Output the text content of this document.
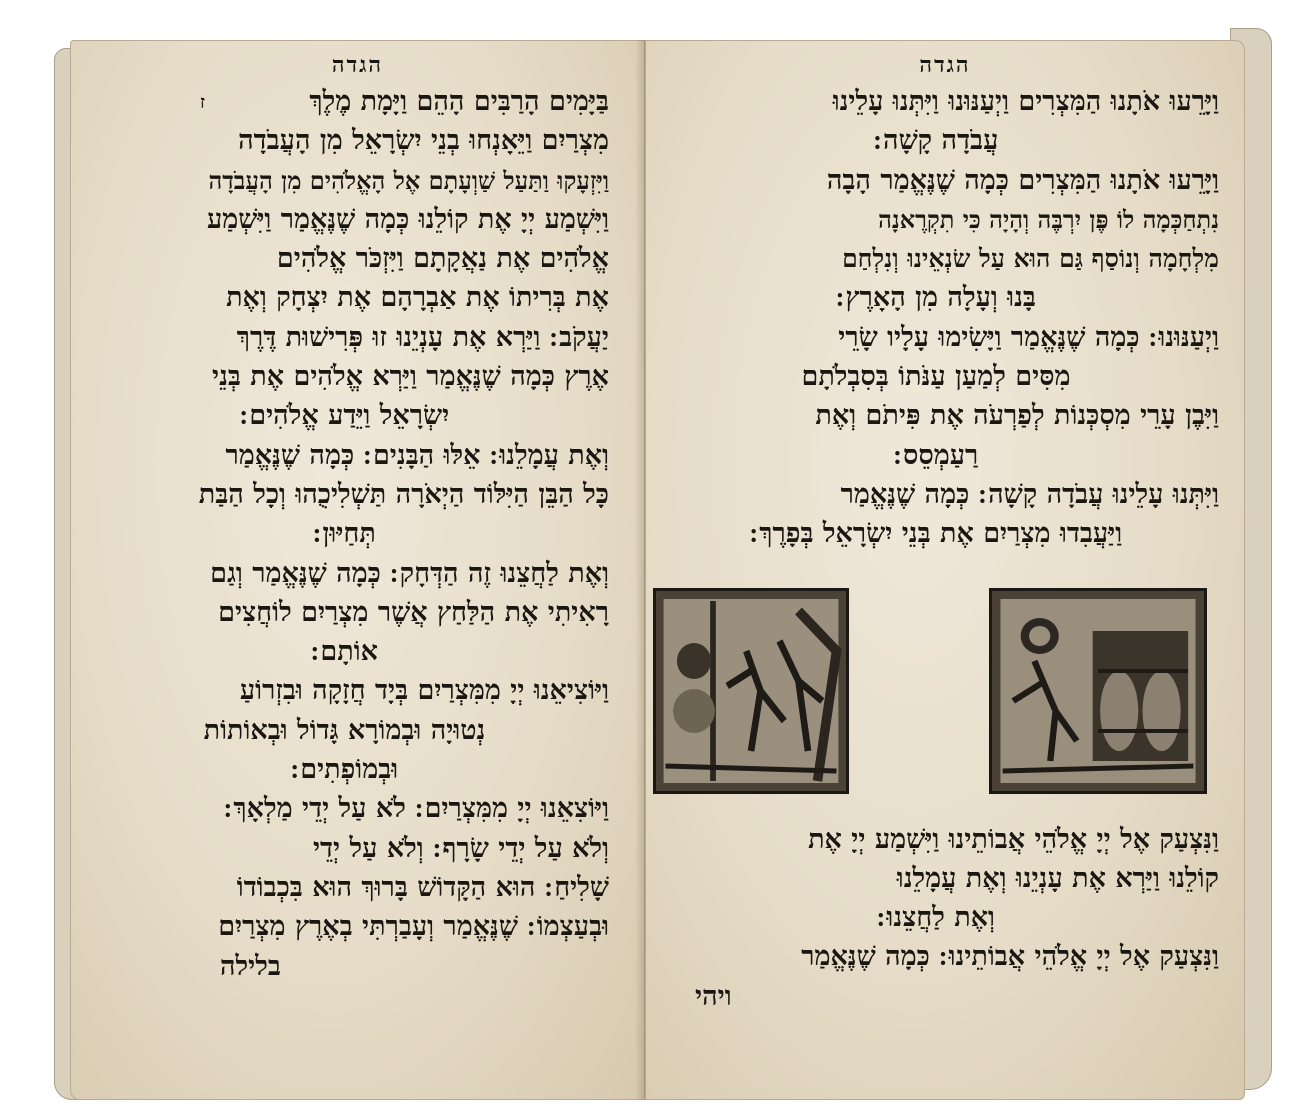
הגדה
ז	בַּיָּמִים הָרַבִּים הָהֵם וַיָּמָת מֶלֶךְ
מִצְרַיִם וַיֵּאָנְחוּ בְנֵי יִשְׂרָאֵל מִן הָעֲבֹדָה
וַיִּזְעָקוּ וַתַּעַל שַׁוְעָתָם אֶל הָאֱלֹהִים מִן הָעֲבֹדָה
וַיִּשְׁמַע יְיָ אֶת קוֹלֵנוּ כְּמָה שֶׁנֶּאֱמַר וַיִּשְׁמַע
אֱלֹהִים אֶת נַאֲקָתָם וַיִּזְכֹּר אֱלֹהִים
אֶת בְּרִיתוֹ אֶת אַבְרָהָם אֶת יִצְחָק וְאֶת
יַעֲקֹב ׃ וַיַּרְא אֶת עָנְיֵנוּ זוּ פְּרִישׁוּת דֶּרֶךְ
אֶרֶץ כְּמָה שֶׁנֶּאֱמַר וַיַּרְא אֱלֹהִים אֶת בְּנֵי
יִשְׂרָאֵל וַיֵּדַע אֱלֹהִים ׃
וְאֶת עֲמָלֵנוּ ׃ אֵלּוּ הַבָּנִים ׃ כְּמָה שֶׁנֶּאֱמַר
כָּל הַבֵּן הַיִּלּוֹד הַיְאֹרָה תַּשְׁלִיכֻהוּ וְכָל הַבַּת
תְּחַיּוּן ׃
וְאֶת לַחֲצֵנוּ זֶה הַדְּחָק ׃ כְּמָה שֶׁנֶּאֱמַר וְגַם
רָאִיתִי אֶת הַלַּחַץ אֲשֶׁר מִצְרַיִם לוֹחֲצִים
אוֹתָם ׃
וַיּוֹצִיאֵנוּ יְיָ מִמִּצְרַיִם בְּיָד חֲזָקָה וּבִזְרוֹעַ
נְטוּיָה וּבְמוֹרָא גָּדוֹל וּבְאוֹתוֹת
וּבְמוֹפְתִים ׃
וַיּוֹצִאֵנוּ יְיָ מִמִּצְרַיִם ׃ לֹא עַל יְדֵי מַלְאָךְ ׃
וְלֹא עַל יְדֵי שָׂרָף ׃ וְלֹא עַל יְדֵי
שָׁלִיחַ ׃ הוּא הַקָּדוֹשׁ בָּרוּךְ הוּא בִּכְבוֹדוֹ
וּבְעַצְמוֹ ׃ שֶׁנֶּאֱמַר וְעָבַרְתִּי בְאֶרֶץ מִצְרַיִם
בלילה
הגדה
וַיָּרֵעוּ אֹתָנוּ הַמִּצְרִים וַיְעַנּוּנוּ וַיִּתְּנוּ עָלֵינוּ
עֲבֹדָה קָשָׁה ׃
וַיָּרֵעוּ אֹתָנוּ הַמִּצְרִים כְּמָה שֶׁנֶּאֱמַר הָבָה
נִתְחַכְּמָה לוֹ פֶּן יִרְבֶּה וְהָיָה כִּי תִקְרֶאנָה
מִלְחָמָה וְנוֹסַף גַּם הוּא עַל שׂנְאֵינוּ וְנִלְחַם
בָּנוּ וְעָלָה מִן הָאָרֶץ ׃
וַיְעַנּוּנוּ ׃ כְּמָה שֶׁנֶּאֱמַר וַיָּשִׂימוּ עָלָיו שָׂרֵי
מִסִּים לְמַעַן עַנֹּתוֹ בְּסִבְלֹתָם
וַיִּבֶן עָרֵי מִסְכְּנוֹת לְפַרְעֹה אֶת פִּיתֹם וְאֶת
רַעַמְסֵס ׃
וַיִּתְּנוּ עָלֵינוּ עֲבֹדָה קָשָׁה ׃ כְּמָה שֶׁנֶּאֱמַר
וַיַּעֲבִדוּ מִצְרַיִם אֶת בְּנֵי יִשְׂרָאֵל בְּפָרֶךְ ׃
וַנִּצְעַק אֶל יְיָ אֱלֹהֵי אֲבוֹתֵינוּ וַיִּשְׁמַע יְיָ אֶת
קוֹלֵנוּ וַיַּרְא אֶת עָנְיֵנוּ וְאֶת עֲמָלֵנוּ
וְאֶת לַחֲצֵנוּ ׃
וַנִּצְעַק אֶל יְיָ אֱלֹהֵי אֲבוֹתֵינוּ ׃ כְּמָה שֶׁנֶּאֱמַר
ויהי
